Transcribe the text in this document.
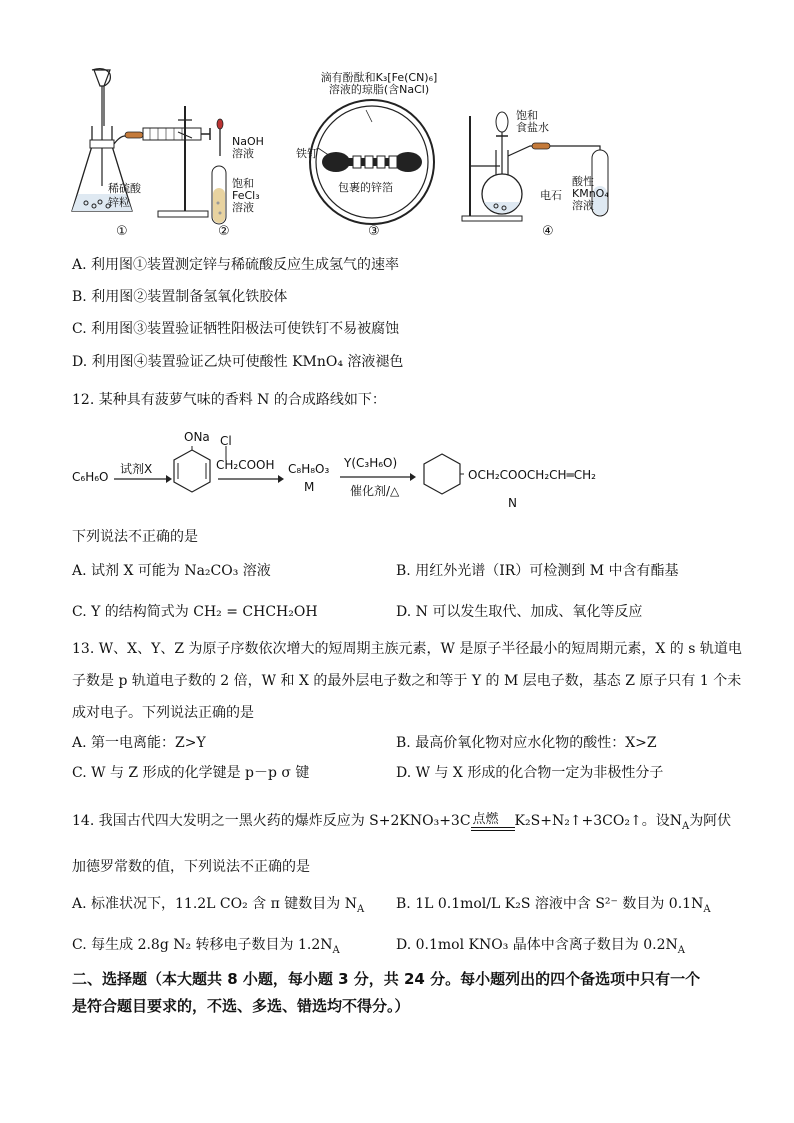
稀硫酸
锌粒
①
NaOH
溶液
饱和
FeCl₃
溶液
②
滴有酚酞和K₃[Fe(CN)₆]
溶液的琼脂(含NaCl)
铁钉
包裹的锌箔
③
饱和
食盐水
电石
酸性
KMnO₄
溶液
④
A. 利用图①装置测定锌与稀硫酸反应生成氢气的速率
B. 利用图②装置制备氢氧化铁胶体
C. 利用图③装置验证牺牲阳极法可使铁钉不易被腐蚀
D. 利用图④装置验证乙炔可使酸性 KMnO₄ 溶液褪色
12. 某种具有菠萝气味的香料 N 的合成路线如下：
C₆H₆O
试剂X
ONa Cl
CH₂COOH C₈H₈O₃
M
Y(C₃H₆O)
催化剂/△
OCH₂COOCH₂CH═CH₂
N
下列说法不正确的是
A. 试剂 X 可能为 Na₂CO₃ 溶液	B. 用红外光谱（IR）可检测到 M 中含有酯基
C. Y 的结构简式为 CH₂ = CHCH₂OH	D. N 可以发生取代、加成、氧化等反应
13. W、X、Y、Z 为原子序数依次增大的短周期主族元素，W 是原子半径最小的短周期元素，X 的 s 轨道电
子数是 p 轨道电子数的 2 倍，W 和 X 的最外层电子数之和等于 Y 的 M 层电子数，基态 Z 原子只有 1 个未
成对电子。下列说法正确的是
A. 第一电离能：Z>Y	B. 最高价氧化物对应水化物的酸性：X>Z
C. W 与 Z 形成的化学键是 p－p σ 键	D. W 与 X 形成的化合物一定为非极性分子
14. 我国古代四大发明之一黑火药的爆炸反应为 S+2KNO₃+3C 点燃 K₂S+N₂↑+3CO₂↑。设$N_A$为阿伏
加德罗常数的值，下列说法不正确的是
A. 标准状况下，11.2L CO₂ 含 π 键数目为 $N_A$ B. 1L 0.1mol/L K₂S 溶液中含 S²⁻ 数目为 $0.1N_A$
C. 每生成 2.8g N₂ 转移电子数目为 $1.2N_A$	D. 0.1mol KNO₃ 晶体中含离子数目为 $0.2N_A$
二、选择题（本大题共 8 小题，每小题 3 分，共 24 分。每小题列出的四个备选项中只有一个
是符合题目要求的，不选、多选、错选均不得分。）
